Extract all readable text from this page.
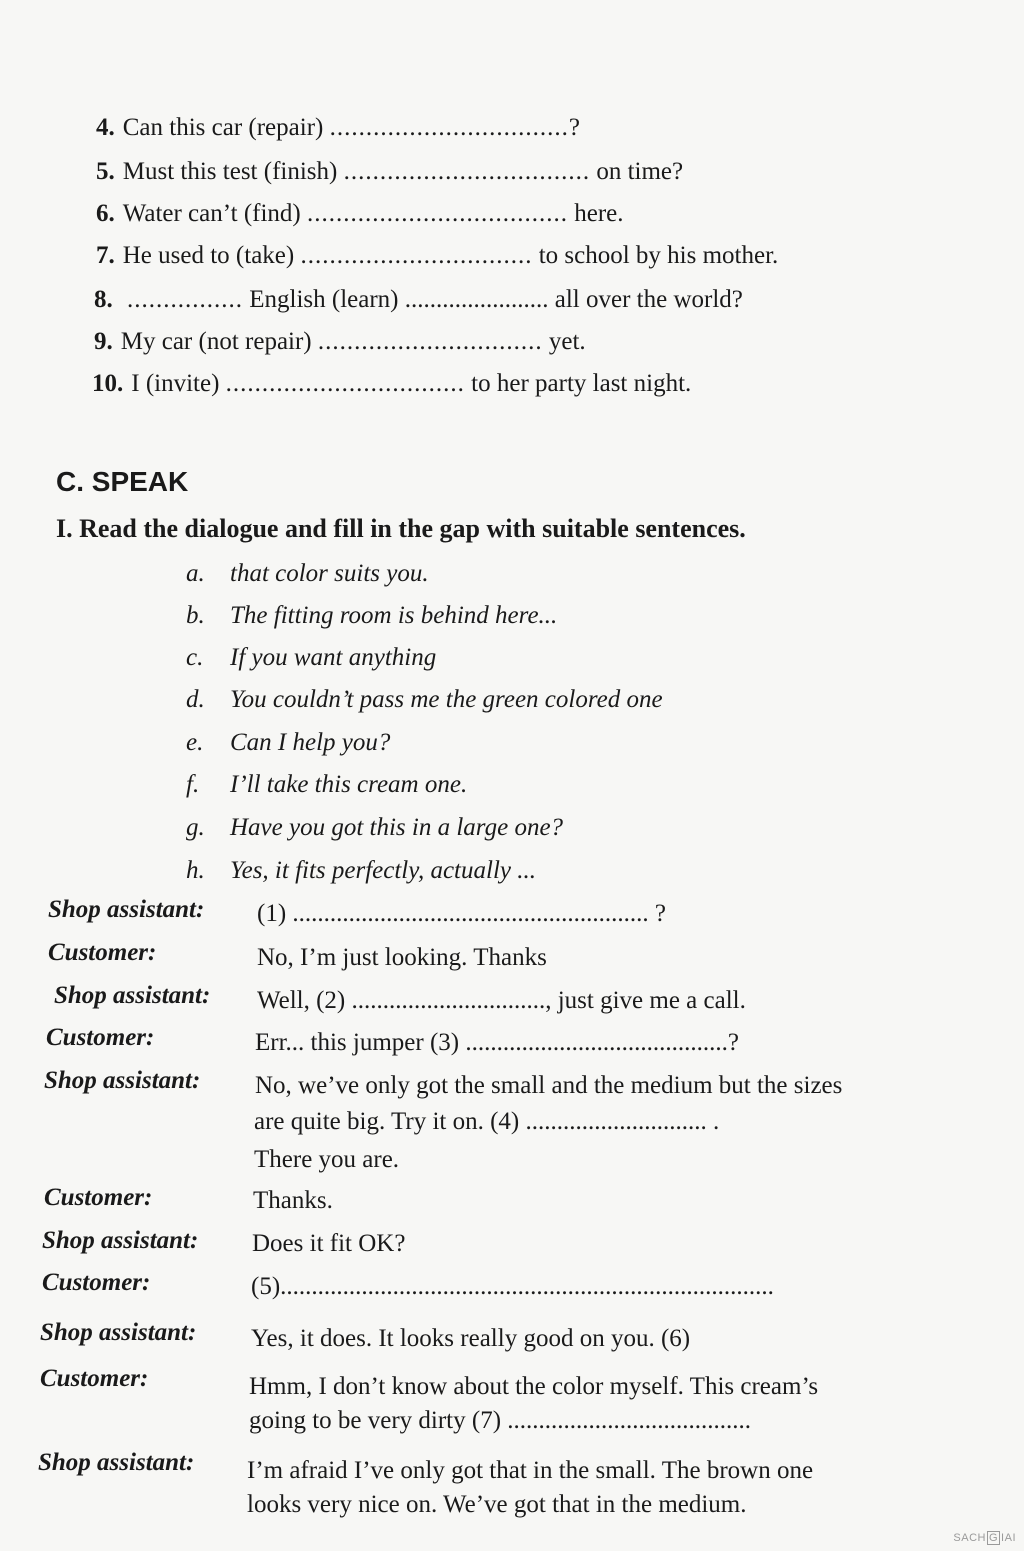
4. Can this car (repair) .................................?
5. Must this test (finish) .................................. on time?
6. Water can’t (find) .................................... here.
7. He used to (take) ................................ to school by his mother.
8. ................ English (learn) ....................... all over the world?
9. My car (not repair) ............................... yet.
10. I (invite) ................................. to her party last night.
C. SPEAK
I. Read the dialogue and fill in the gap with suitable sentences.
a. that color suits you.
b. The fitting room is behind here...
c. If you want anything
d. You couldn’t pass me the green colored one
e. Can I help you?
f. I’ll take this cream one.
g. Have you got this in a large one?
h. Yes, it fits perfectly, actually ...
Shop assistant: (1) ......................................................... ?
Customer:	No, I’m just looking. Thanks
Shop assistant: Well, (2) ..............................., just give me a call.
Customer:	Err... this jumper (3) ..........................................?
Shop assistant: No, we’ve only got the small and the medium but the sizes
are quite big. Try it on. (4) ............................. .
There you are.
Customer:	Thanks.
Shop assistant: Does it fit OK?
Customer:	(5)...............................................................................
Shop assistant: Yes, it does. It looks really good on you. (6)
Customer:	Hmm, I don’t know about the color myself. This cream’s
going to be very dirty (7) .......................................
Shop assistant: I’m afraid I’ve only got that in the small. The brown one
looks very nice on. We’ve got that in the medium.
SACH G IAI
